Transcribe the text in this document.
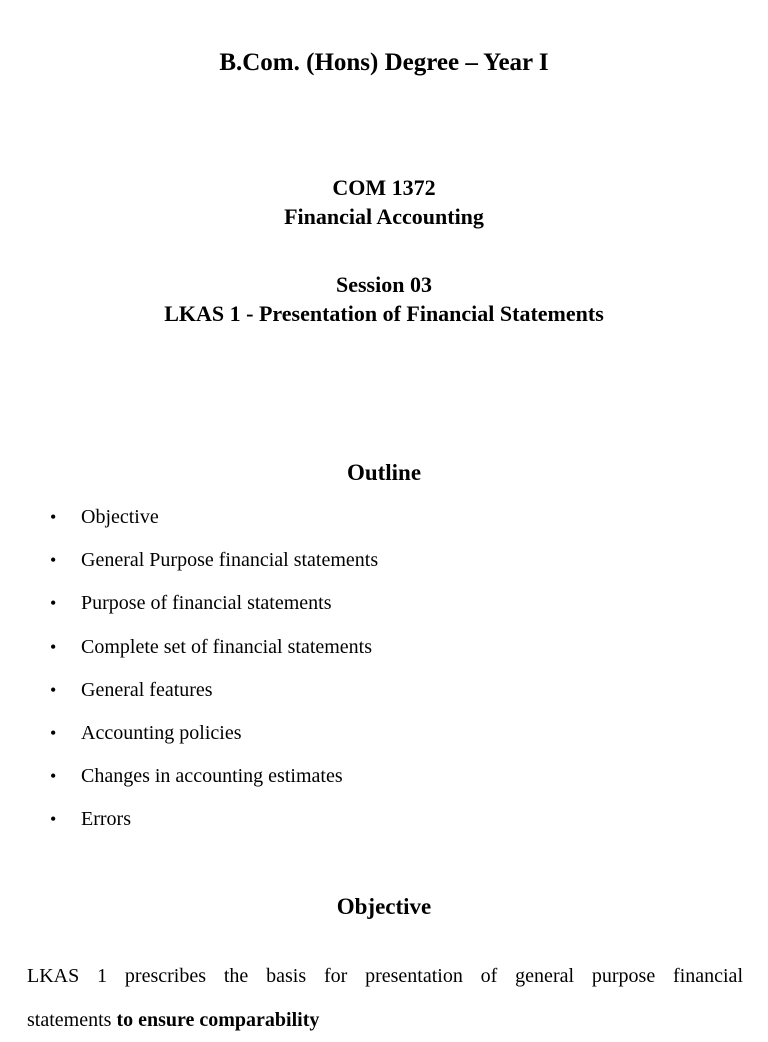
B.Com. (Hons) Degree – Year I
COM 1372
Financial Accounting
Session 03
LKAS 1 - Presentation of Financial Statements
Outline
• Objective
• General Purpose financial statements
• Purpose of financial statements
• Complete set of financial statements
• General features
• Accounting policies
• Changes in accounting estimates
• Errors
Objective
LKAS 1 prescribes the basis for presentation of general purpose financial
statements to ensure comparability
